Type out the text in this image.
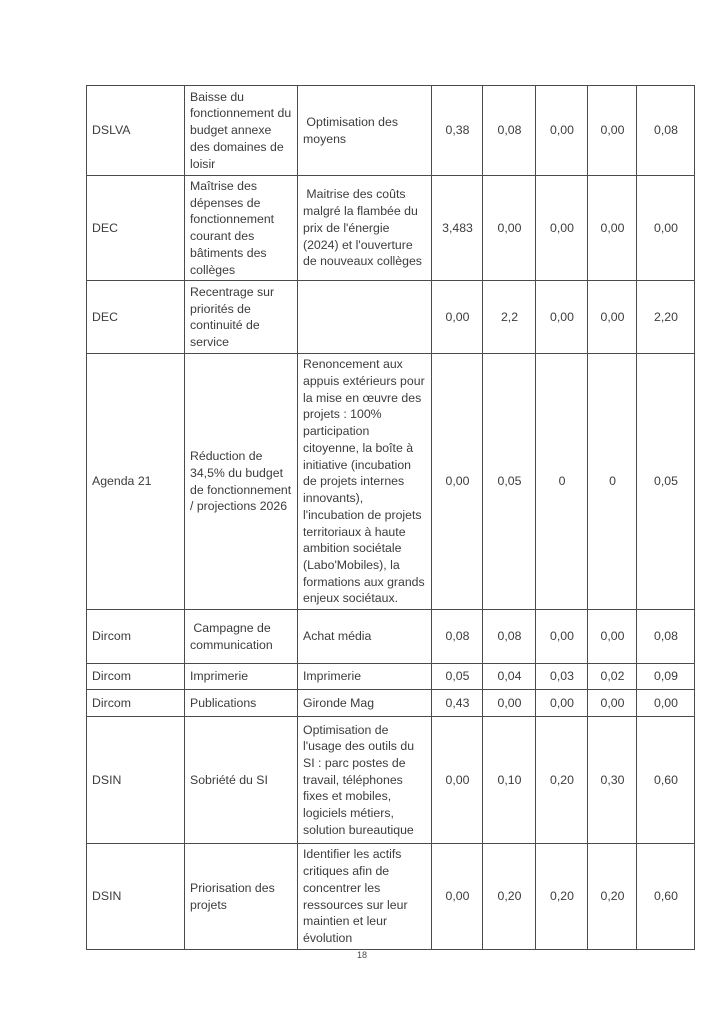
DSLVA	Baisse du fonctionnement du budget annexe des domaines de loisir	Optimisation des moyens	0,38	0,08	0,00	0,00	0,08
DEC	Maîtrise des dépenses de fonctionnement courant des bâtiments des collèges	Maitrise des coûts malgré la flambée du prix de l'énergie (2024) et l'ouverture de nouveaux collèges	3,483	0,00	0,00	0,00	0,00
DEC	Recentrage sur priorités de continuité de service		0,00	2,2	0,00	0,00	2,20
Agenda 21	Réduction de 34,5% du budget de fonctionnement / projections 2026	Renoncement aux appuis extérieurs pour la mise en œuvre des projets : 100% participation citoyenne, la boîte à initiative (incubation de projets internes innovants), l'incubation de projets territoriaux à haute ambition sociétale (Labo'Mobiles), la formations aux grands enjeux sociétaux.	0,00	0,05	0	0	0,05
Dircom	Campagne de communication	Achat média	0,08	0,08	0,00	0,00	0,08
Dircom	Imprimerie	Imprimerie	0,05	0,04	0,03	0,02	0,09
Dircom	Publications	Gironde Mag	0,43	0,00	0,00	0,00	0,00
DSIN	Sobriété du SI	Optimisation de l'usage des outils du SI : parc postes de travail, téléphones fixes et mobiles, logiciels métiers, solution bureautique	0,00	0,10	0,20	0,30	0,60
DSIN	Priorisation des projets	Identifier les actifs critiques afin de concentrer les ressources sur leur maintien et leur évolution	0,00	0,20	0,20	0,20	0,60
18
